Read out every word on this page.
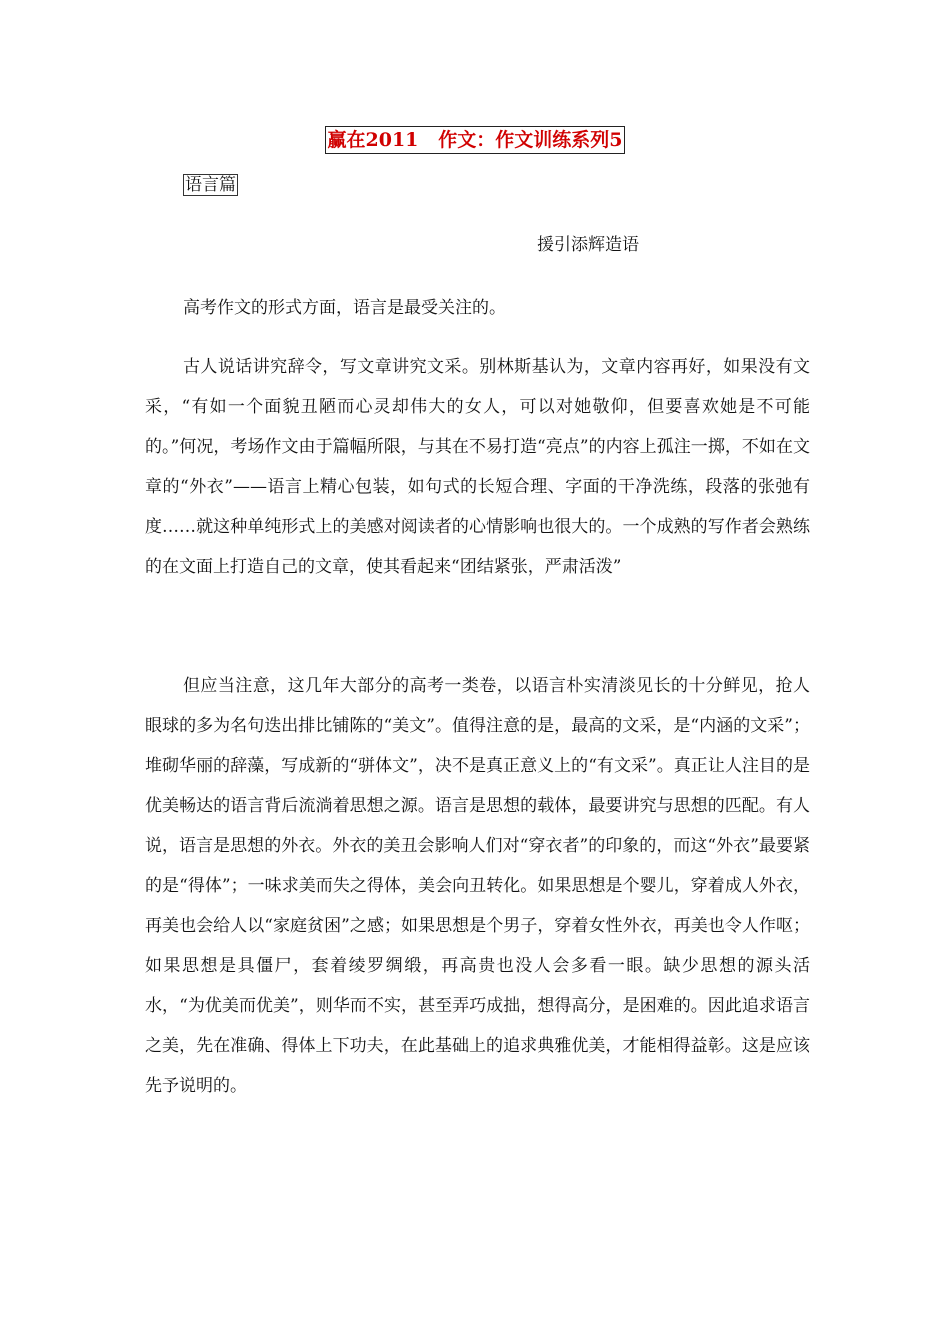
赢在2011   作文：作文训练系列5
语言篇
援引添辉造语

高考作文的形式方面，语言是最受关注的。

古人说话讲究辞令，写文章讲究文采。别林斯基认为，文章内容再好，如果没有文采，“有如一个面貌丑陋而心灵却伟大的女人，可以对她敬仰，但要喜欢她是不可能的。”何况，考场作文由于篇幅所限，与其在不易打造“亮点”的内容上孤注一掷，不如在文章的“外衣”——语言上精心包装，如句式的长短合理、字面的干净洗练，段落的张弛有度……就这种单纯形式上的美感对阅读者的心情影响也很大的。一个成熟的写作者会熟练的在文面上打造自己的文章，使其看起来“团结紧张，严肃活泼”

但应当注意，这几年大部分的高考一类卷，以语言朴实清淡见长的十分鲜见，抢人眼球的多为名句迭出排比铺陈的“美文”。值得注意的是，最高的文采，是“内涵的文采”；堆砌华丽的辞藻，写成新的“骈体文”，决不是真正意义上的“有文采”。真正让人注目的是优美畅达的语言背后流淌着思想之源。语言是思想的载体，最要讲究与思想的匹配。有人说，语言是思想的外衣。外衣的美丑会影响人们对“穿衣者”的印象的，而这“外衣”最要紧的是“得体”；一味求美而失之得体，美会向丑转化。如果思想是个婴儿，穿着成人外衣，再美也会给人以“家庭贫困”之感；如果思想是个男子，穿着女性外衣，再美也令人作呕；如果思想是具僵尸，套着绫罗绸缎，再高贵也没人会多看一眼。缺少思想的源头活水，“为优美而优美”，则华而不实，甚至弄巧成拙，想得高分，是困难的。因此追求语言之美，先在准确、得体上下功夫，在此基础上的追求典雅优美，才能相得益彰。这是应该先予说明的。
